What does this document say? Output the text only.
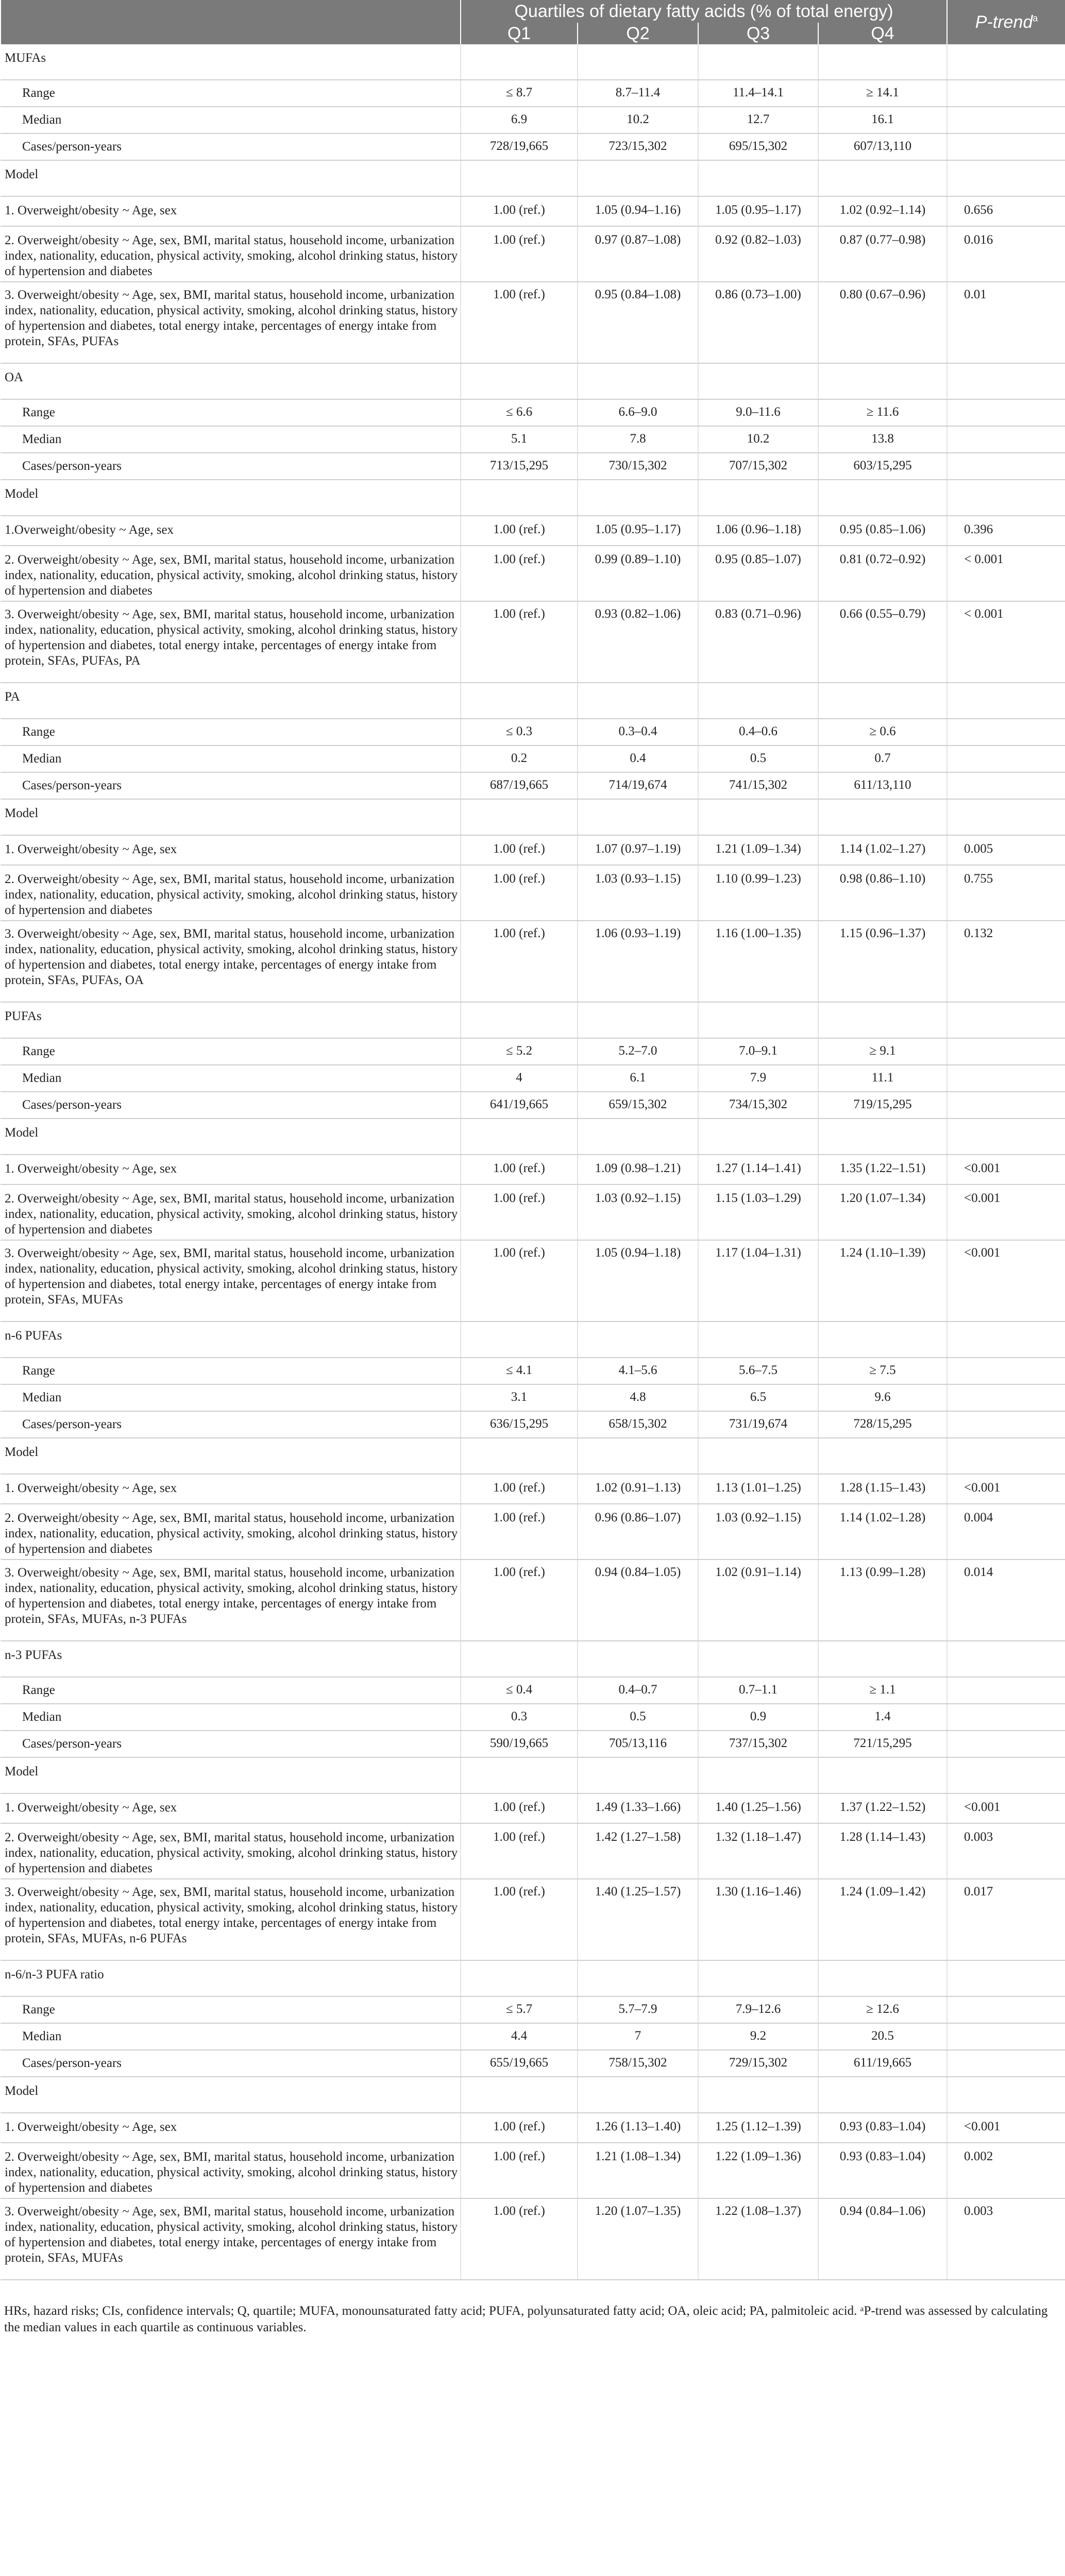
	Quartiles of dietary fatty acids (% of total energy)				P-trend$^a$
	Q1	Q2	Q3	Q4	
MUFAs					
Range	≤ 8.7	8.7–11.4	11.4–14.1	≥ 14.1	
Median	6.9	10.2	12.7	16.1	
Cases/person-years	728/19,665	723/15,302	695/15,302	607/13,110	
Model					
1. Overweight/obesity ~ Age, sex	1.00 (ref.)	1.05 (0.94–1.16)	1.05 (0.95–1.17)	1.02 (0.92–1.14)	0.656
2. Overweight/obesity ~ Age, sex, BMI, marital status, household income, urbanization index, nationality, education, physical activity, smoking, alcohol drinking status, history of hypertension and diabetes	1.00 (ref.)	0.97 (0.87–1.08)	0.92 (0.82–1.03)	0.87 (0.77–0.98)	0.016
3. Overweight/obesity ~ Age, sex, BMI, marital status, household income, urbanization index, nationality, education, physical activity, smoking, alcohol drinking status, history of hypertension and diabetes, total energy intake, percentages of energy intake from protein, SFAs, PUFAs	1.00 (ref.)	0.95 (0.84–1.08)	0.86 (0.73–1.00)	0.80 (0.67–0.96)	0.01
OA					
Range	≤ 6.6	6.6–9.0	9.0–11.6	≥ 11.6	
Median	5.1	7.8	10.2	13.8	
Cases/person-years	713/15,295	730/15,302	707/15,302	603/15,295	
Model					
1.Overweight/obesity ~ Age, sex	1.00 (ref.)	1.05 (0.95–1.17)	1.06 (0.96–1.18)	0.95 (0.85–1.06)	0.396
2. Overweight/obesity ~ Age, sex, BMI, marital status, household income, urbanization index, nationality, education, physical activity, smoking, alcohol drinking status, history of hypertension and diabetes	1.00 (ref.)	0.99 (0.89–1.10)	0.95 (0.85–1.07)	0.81 (0.72–0.92)	< 0.001
3. Overweight/obesity ~ Age, sex, BMI, marital status, household income, urbanization index, nationality, education, physical activity, smoking, alcohol drinking status, history of hypertension and diabetes, total energy intake, percentages of energy intake from protein, SFAs, PUFAs, PA	1.00 (ref.)	0.93 (0.82–1.06)	0.83 (0.71–0.96)	0.66 (0.55–0.79)	< 0.001
PA					
Range	≤ 0.3	0.3–0.4	0.4–0.6	≥ 0.6	
Median	0.2	0.4	0.5	0.7	
Cases/person-years	687/19,665	714/19,674	741/15,302	611/13,110	
Model					
1. Overweight/obesity ~ Age, sex	1.00 (ref.)	1.07 (0.97–1.19)	1.21 (1.09–1.34)	1.14 (1.02–1.27)	0.005
2. Overweight/obesity ~ Age, sex, BMI, marital status, household income, urbanization index, nationality, education, physical activity, smoking, alcohol drinking status, history of hypertension and diabetes	1.00 (ref.)	1.03 (0.93–1.15)	1.10 (0.99–1.23)	0.98 (0.86–1.10)	0.755
3. Overweight/obesity ~ Age, sex, BMI, marital status, household income, urbanization index, nationality, education, physical activity, smoking, alcohol drinking status, history of hypertension and diabetes, total energy intake, percentages of energy intake from protein, SFAs, PUFAs, OA	1.00 (ref.)	1.06 (0.93–1.19)	1.16 (1.00–1.35)	1.15 (0.96–1.37)	0.132
PUFAs					
Range	≤ 5.2	5.2–7.0	7.0–9.1	≥ 9.1	
Median	4	6.1	7.9	11.1	
Cases/person-years	641/19,665	659/15,302	734/15,302	719/15,295	
Model					
1. Overweight/obesity ~ Age, sex	1.00 (ref.)	1.09 (0.98–1.21)	1.27 (1.14–1.41)	1.35 (1.22–1.51)	<0.001
2. Overweight/obesity ~ Age, sex, BMI, marital status, household income, urbanization index, nationality, education, physical activity, smoking, alcohol drinking status, history of hypertension and diabetes	1.00 (ref.)	1.03 (0.92–1.15)	1.15 (1.03–1.29)	1.20 (1.07–1.34)	<0.001
3. Overweight/obesity ~ Age, sex, BMI, marital status, household income, urbanization index, nationality, education, physical activity, smoking, alcohol drinking status, history of hypertension and diabetes, total energy intake, percentages of energy intake from protein, SFAs, MUFAs	1.00 (ref.)	1.05 (0.94–1.18)	1.17 (1.04–1.31)	1.24 (1.10–1.39)	<0.001
n-6 PUFAs					
Range	≤ 4.1	4.1–5.6	5.6–7.5	≥ 7.5	
Median	3.1	4.8	6.5	9.6	
Cases/person-years	636/15,295	658/15,302	731/19,674	728/15,295	
Model					
1. Overweight/obesity ~ Age, sex	1.00 (ref.)	1.02 (0.91–1.13)	1.13 (1.01–1.25)	1.28 (1.15–1.43)	<0.001
2. Overweight/obesity ~ Age, sex, BMI, marital status, household income, urbanization index, nationality, education, physical activity, smoking, alcohol drinking status, history of hypertension and diabetes	1.00 (ref.)	0.96 (0.86–1.07)	1.03 (0.92–1.15)	1.14 (1.02–1.28)	0.004
3. Overweight/obesity ~ Age, sex, BMI, marital status, household income, urbanization index, nationality, education, physical activity, smoking, alcohol drinking status, history of hypertension and diabetes, total energy intake, percentages of energy intake from protein, SFAs, MUFAs, n-3 PUFAs	1.00 (ref.)	0.94 (0.84–1.05)	1.02 (0.91–1.14)	1.13 (0.99–1.28)	0.014
n-3 PUFAs					
Range	≤ 0.4	0.4–0.7	0.7–1.1	≥ 1.1	
Median	0.3	0.5	0.9	1.4	
Cases/person-years	590/19,665	705/13,116	737/15,302	721/15,295	
Model					
1. Overweight/obesity ~ Age, sex	1.00 (ref.)	1.49 (1.33–1.66)	1.40 (1.25–1.56)	1.37 (1.22–1.52)	<0.001
2. Overweight/obesity ~ Age, sex, BMI, marital status, household income, urbanization index, nationality, education, physical activity, smoking, alcohol drinking status, history of hypertension and diabetes	1.00 (ref.)	1.42 (1.27–1.58)	1.32 (1.18–1.47)	1.28 (1.14–1.43)	0.003
3. Overweight/obesity ~ Age, sex, BMI, marital status, household income, urbanization index, nationality, education, physical activity, smoking, alcohol drinking status, history of hypertension and diabetes, total energy intake, percentages of energy intake from protein, SFAs, MUFAs, n-6 PUFAs	1.00 (ref.)	1.40 (1.25–1.57)	1.30 (1.16–1.46)	1.24 (1.09–1.42)	0.017
n-6/n-3 PUFA ratio					
Range	≤ 5.7	5.7–7.9	7.9–12.6	≥ 12.6	
Median	4.4	7	9.2	20.5	
Cases/person-years	655/19,665	758/15,302	729/15,302	611/19,665	
Model					
1. Overweight/obesity ~ Age, sex	1.00 (ref.)	1.26 (1.13–1.40)	1.25 (1.12–1.39)	0.93 (0.83–1.04)	<0.001
2. Overweight/obesity ~ Age, sex, BMI, marital status, household income, urbanization index, nationality, education, physical activity, smoking, alcohol drinking status, history of hypertension and diabetes	1.00 (ref.)	1.21 (1.08–1.34)	1.22 (1.09–1.36)	0.93 (0.83–1.04)	0.002
3. Overweight/obesity ~ Age, sex, BMI, marital status, household income, urbanization index, nationality, education, physical activity, smoking, alcohol drinking status, history of hypertension and diabetes, total energy intake, percentages of energy intake from protein, SFAs, MUFAs	1.00 (ref.)	1.20 (1.07–1.35)	1.22 (1.08–1.37)	0.94 (0.84–1.06)	0.003
HRs, hazard risks; CIs, confidence intervals; Q, quartile; MUFA, monounsaturated fatty acid; PUFA, polyunsaturated fatty acid; OA, oleic acid; PA, palmitoleic acid. ᵃP-trend was assessed by calculating the median values in each quartile as continuous variables.
